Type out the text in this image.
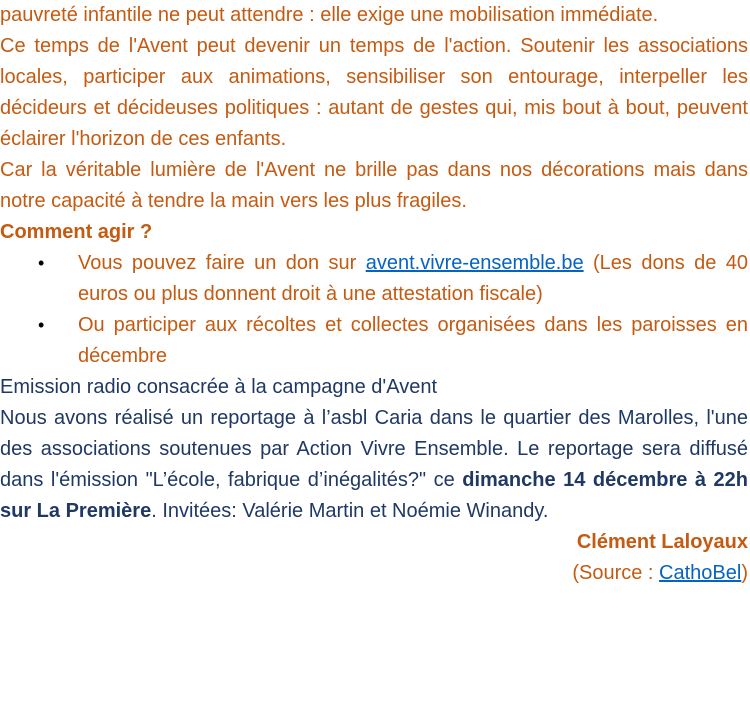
pauvreté infantile ne peut attendre : elle exige une mobilisation immédiate.

Ce temps de l'Avent peut devenir un temps de l'action. Soutenir les associations locales, participer aux animations, sensibiliser son entourage, interpeller les décideurs et décideuses politiques : autant de gestes qui, mis bout à bout, peuvent éclairer l'horizon de ces enfants.

Car la véritable lumière de l'Avent ne brille pas dans nos décorations mais dans notre capacité à tendre la main vers les plus fragiles.

Comment agir ?

• Vous pouvez faire un don sur avent.vivre-ensemble.be (Les dons de 40 euros ou plus donnent droit à une attestation fiscale)
• Ou participer aux récoltes et collectes organisées dans les paroisses en décembre

Emission radio consacrée à la campagne d'Avent

Nous avons réalisé un reportage à l’asbl Caria dans le quartier des Marolles, l'une des associations soutenues par Action Vivre Ensemble. Le reportage sera diffusé dans l'émission "L’école, fabrique d’inégalités?" ce dimanche 14 décembre à 22h sur La Première. Invitées: Valérie Martin et Noémie Winandy.

Clément Laloyaux

(Source : CathoBel)
